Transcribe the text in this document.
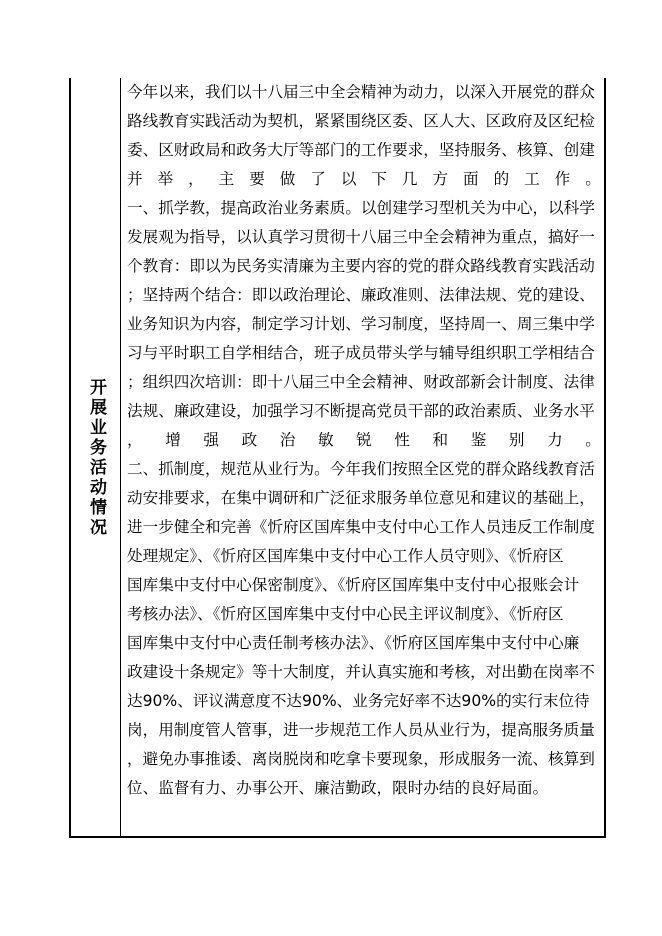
开展业务活动情况
今年以来，我们以十八届三中全会精神为动力，以深入开展党的群众
路线教育实践活动为契机，紧紧围绕区委、区人大、区政府及区纪检
委、区财政局和政务大厅等部门的工作要求，坚持服务、核算、创建
并 举 ， 主 要 做 了 以 下 几 方 面 的 工 作 。
一、抓学教，提高政治业务素质。以创建学习型机关为中心，以科学
发展观为指导，以认真学习贯彻十八届三中全会精神为重点，搞好一
个教育：即以为民务实清廉为主要内容的党的群众路线教育实践活动
；坚持两个结合：即以政治理论、廉政准则、法律法规、党的建设、
业务知识为内容，制定学习计划、学习制度，坚持周一、周三集中学
习与平时职工自学相结合，班子成员带头学与辅导组织职工学相结合
；组织四次培训：即十八届三中全会精神、财政部新会计制度、法律
法规、廉政建设，加强学习不断提高党员干部的政治素质、业务水平
， 增 强 政 治 敏 锐 性 和 鉴 别 力 。
二、抓制度，规范从业行为。今年我们按照全区党的群众路线教育活
动安排要求，在集中调研和广泛征求服务单位意见和建议的基础上，
进一步健全和完善《忻府区国库集中支付中心工作人员违反工作制度
处理规定》、《忻府区国库集中支付中心工作人员守则》、《忻府区
国库集中支付中心保密制度》、《忻府区国库集中支付中心报账会计
考核办法》、《忻府区国库集中支付中心民主评议制度》、《忻府区
国库集中支付中心责任制考核办法》、《忻府区国库集中支付中心廉
政建设十条规定》等十大制度，并认真实施和考核，对出勤在岗率不
达90%、评议满意度不达90%、业务完好率不达90%的实行末位待
岗，用制度管人管事，进一步规范工作人员从业行为，提高服务质量
，避免办事推诿、离岗脱岗和吃拿卡要现象，形成服务一流、核算到
位、监督有力、办事公开、廉洁勤政，限时办结的良好局面。
